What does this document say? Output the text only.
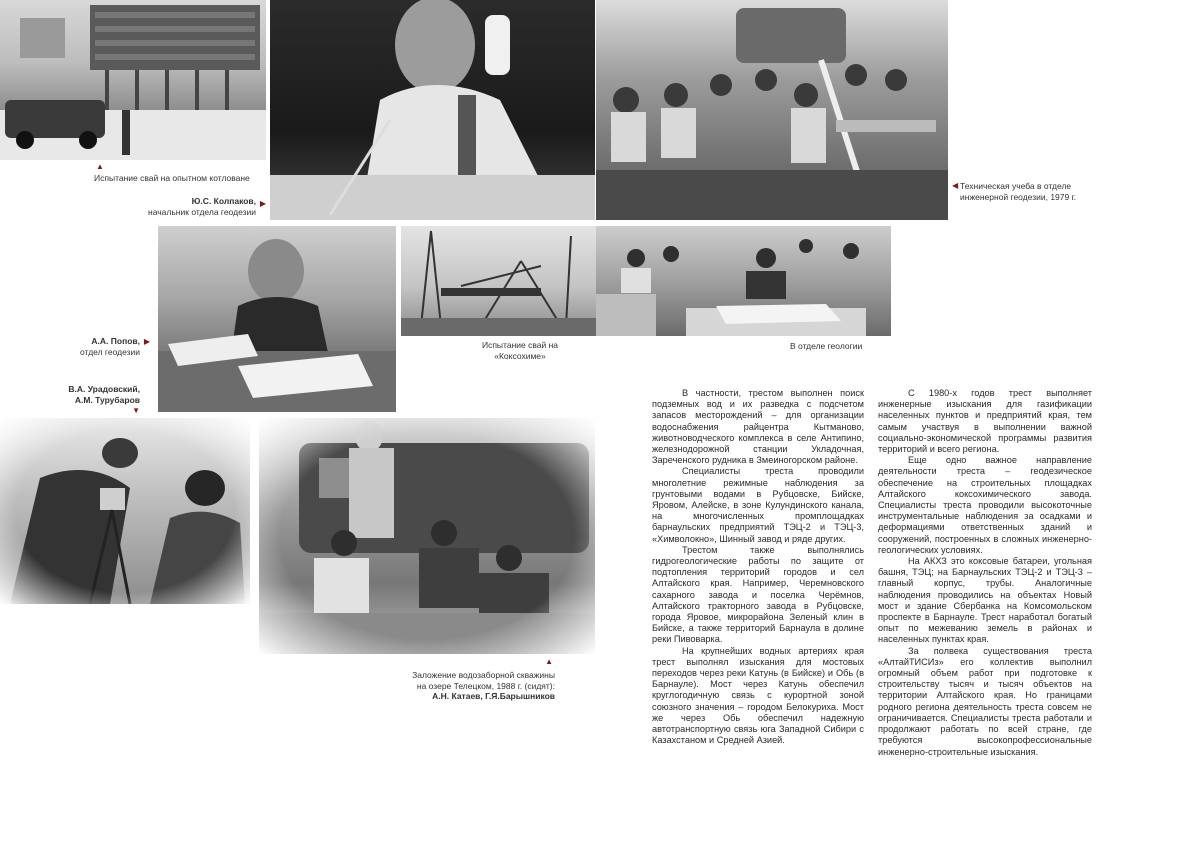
▲
Испытание свай на опытном котловане
Ю.С. Колпаков,
начальник отдела геодезии
▶
◀ Техническая учеба в отделе
инженерной геодезии, 1979 г.
А.А. Попов,
отдел геодезии
▶
В.А. Урадовский,
А.М. Турубаров
▼
Испытание свай на
«Коксохиме»
В отделе геологии
▲
Заложение водозаборной скважины
на озере Телецком, 1988 г. (сидят):
А.Н. Катаев, Г.Я.Барышников

В частности, трестом выполнен поиск подземных вод и их разведка с подсчетом запасов месторождений – для организации водоснабжения райцентра Кытманово, животноводческого комплекса в селе Антипино, железнодорожной станции Укладочная, Зареченского рудника в Змеиногорском районе.

Специалисты треста проводили многолетние режимные наблюдения за грунтовыми водами в Рубцовске, Бийске, Яровом, Алейске, в зоне Кулундинского канала, на многочисленных промплощадках барнаульских предприятий ТЭЦ-2 и ТЭЦ-3, «Химволокно», Шинный завод и ряде других.

Трестом также выполнялись гидрогеологические работы по защите от подтопления территорий городов и сел Алтайского края. Например, Черемновского сахарного завода и поселка Черёмнов, Алтайского тракторного завода в Рубцовске, города Яровое, микрорайона Зеленый клин в Бийске, а также территорий Барнаула в долине реки Пивоварка.

На крупнейших водных артериях края трест выполнял изыскания для мостовых переходов через реки Катунь (в Бийске) и Обь (в Барнауле). Мост через Катунь обеспечил круглогодичную связь с курортной зоной союзного значения – городом Белокуриха. Мост же через Обь обеспечил надежную автотранспортную связь юга Западной Сибири с Казахстаном и Средней Азией.

С 1980-х годов трест выполняет инженерные изыскания для газификации населенных пунктов и предприятий края, тем самым участвуя в выполнении важной социально-экономической программы развития территорий и всего региона.

Еще одно важное направление деятельности треста – геодезическое обеспечение на строительных площадках Алтайского коксохимического завода. Специалисты треста проводили высокоточные инструментальные наблюдения за осадками и деформациями ответственных зданий и сооружений, построенных в сложных инженерно-геологических условиях.

На АКХЗ это коксовые батареи, угольная башня, ТЭЦ; на Барнаульских ТЭЦ-2 и ТЭЦ-3 – главный корпус, трубы. Аналогичные наблюдения проводились на объектах Новый мост и здание Сбербанка на Комсомольском проспекте в Барнауле. Трест наработал богатый опыт по межеванию земель в районах и населенных пунктах края.

За полвека существования треста «АлтайТИСИз» его коллектив выполнил огромный объем работ при подготовке к строительству тысяч и тысяч объектов на территории Алтайского края. Но границами родного региона деятельность треста совсем не ограничивается. Специалисты треста работали и продолжают работать по всей стране, где требуются высокопрофессиональные инженерно-строительные изыскания.
